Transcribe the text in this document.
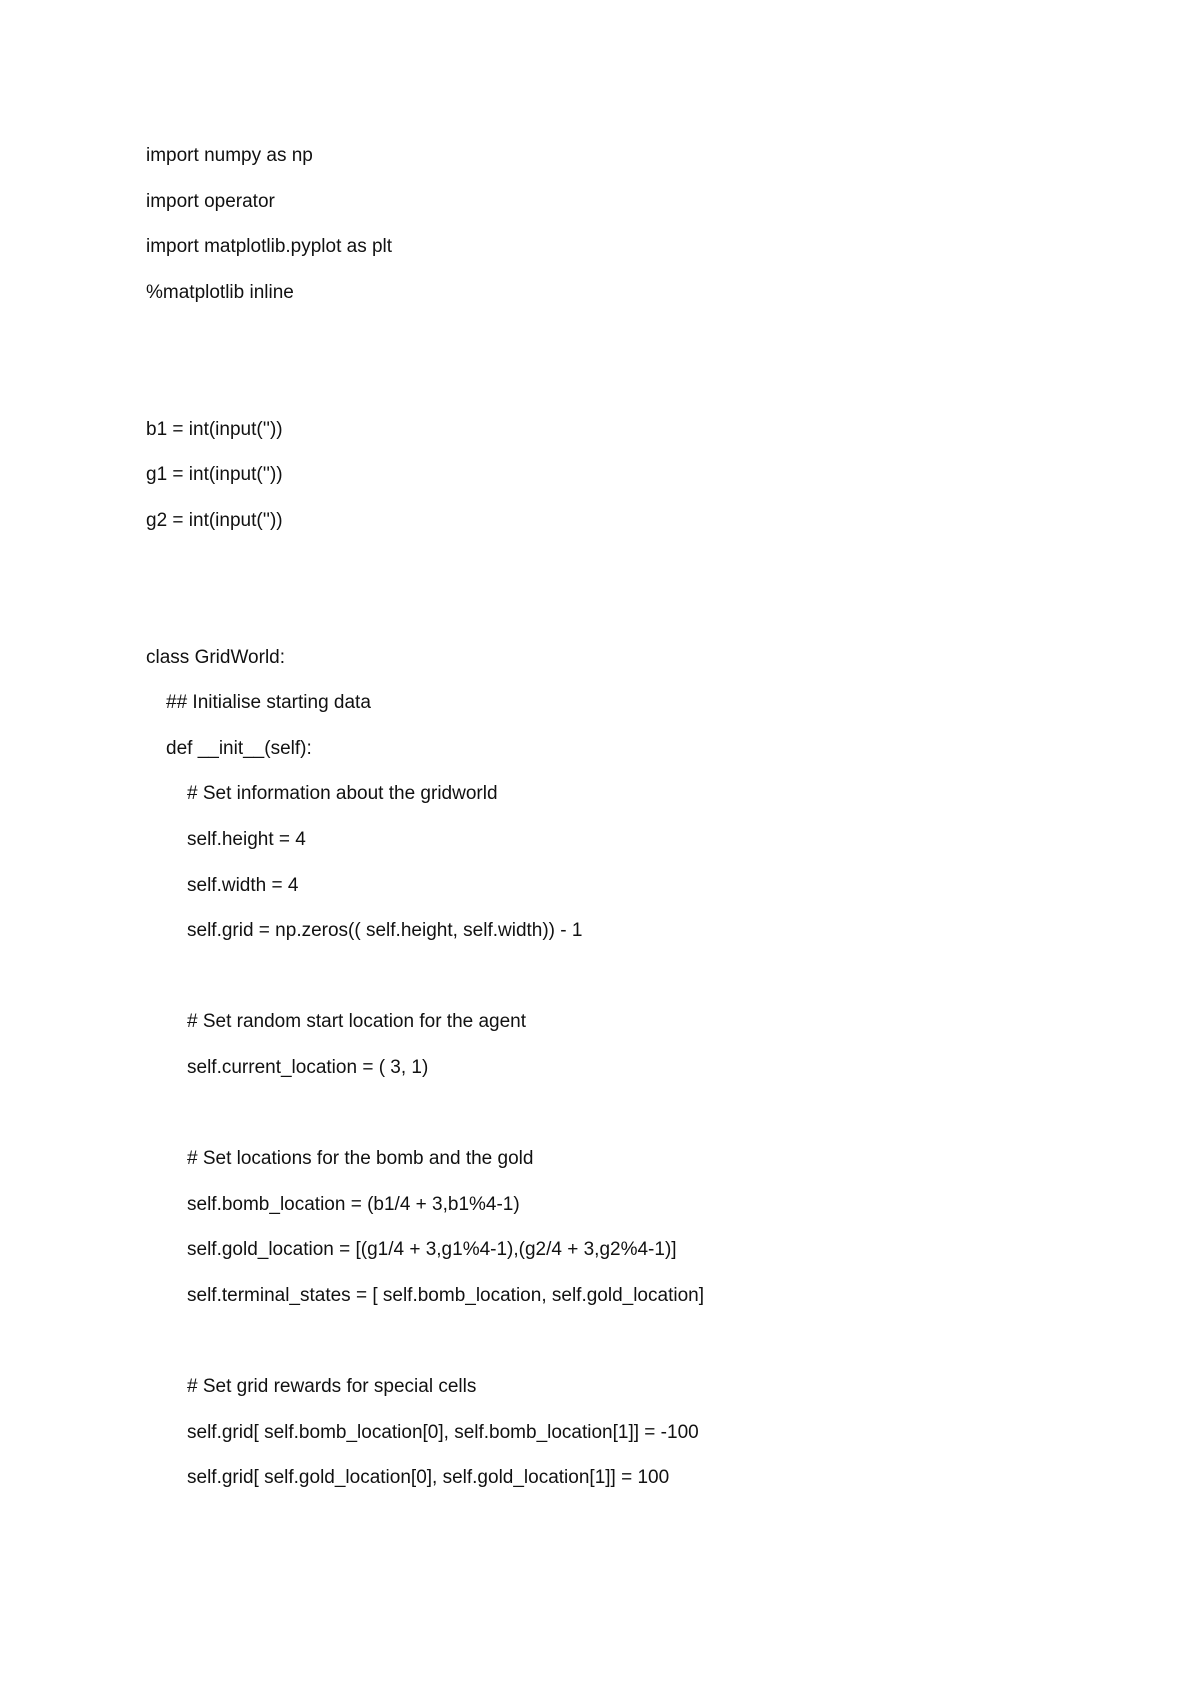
import numpy as np
import operator
import matplotlib.pyplot as plt
%matplotlib inline
b1 = int(input(''))
g1 = int(input(''))
g2 = int(input(''))
class GridWorld:
## Initialise starting data
def __init__(self):
# Set information about the gridworld
self.height = 4
self.width = 4
self.grid = np.zeros(( self.height, self.width)) - 1
# Set random start location for the agent
self.current_location = ( 3, 1)
# Set locations for the bomb and the gold
self.bomb_location = (b1/4 + 3,b1%4-1)
self.gold_location = [(g1/4 + 3,g1%4-1),(g2/4 + 3,g2%4-1)]
self.terminal_states = [ self.bomb_location, self.gold_location]
# Set grid rewards for special cells
self.grid[ self.bomb_location[0], self.bomb_location[1]] = -100
self.grid[ self.gold_location[0], self.gold_location[1]] = 100
